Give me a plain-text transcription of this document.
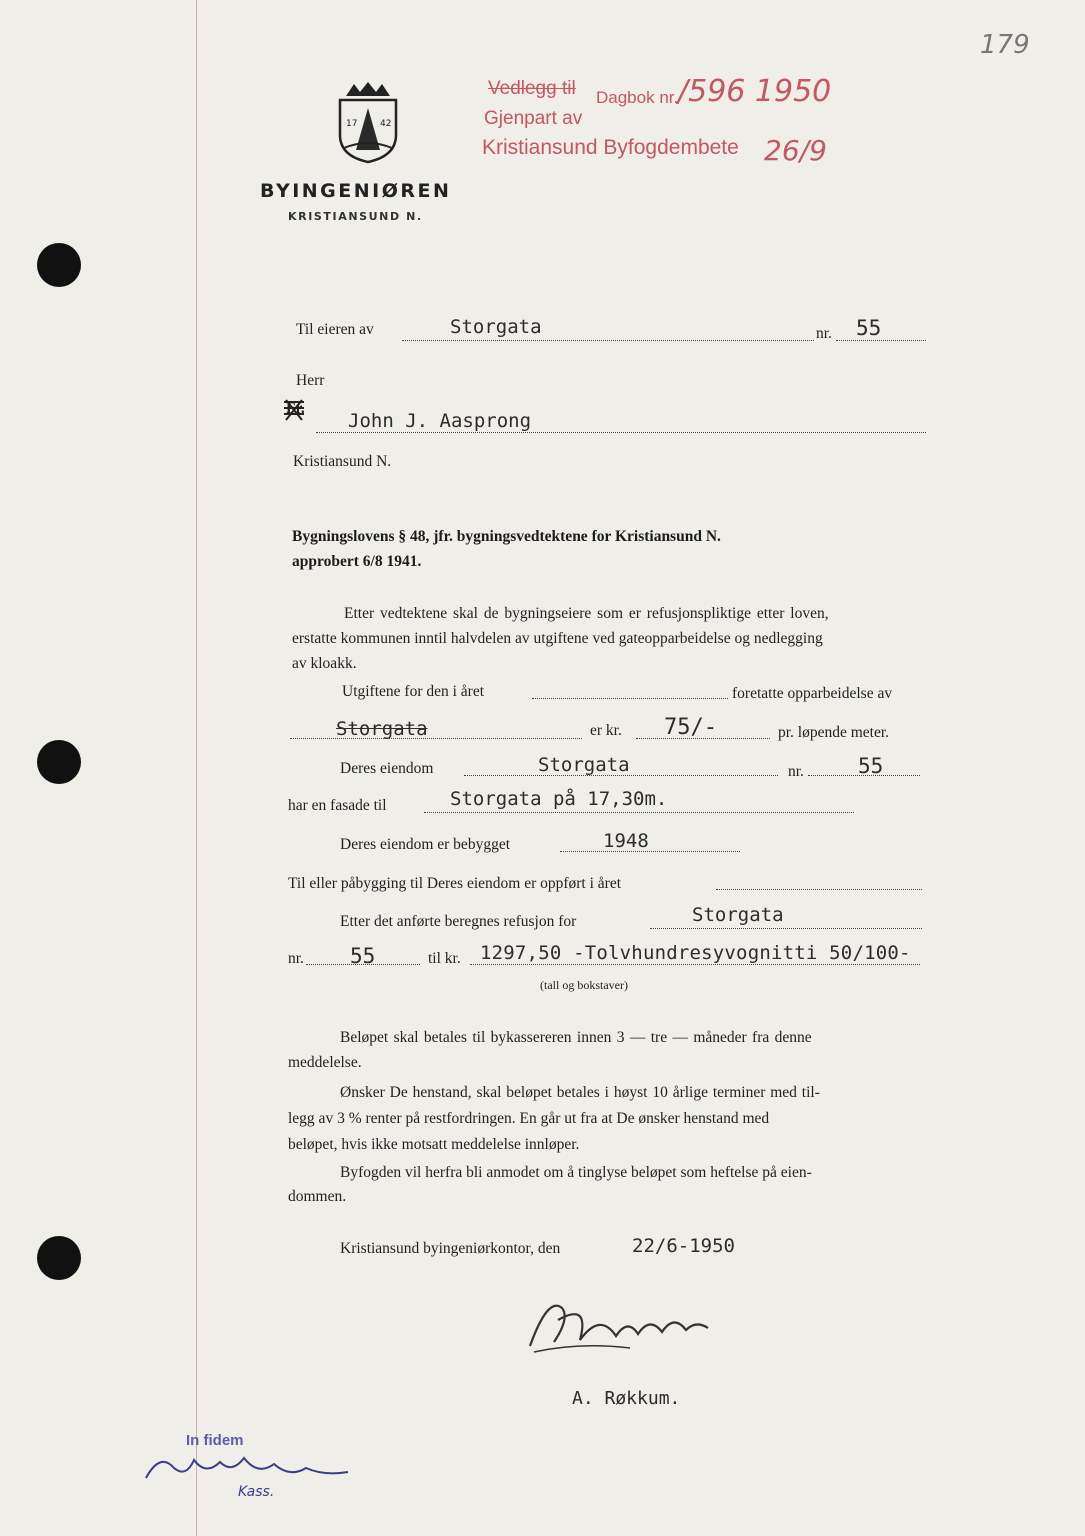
179
17	42
Vedlegg til Dagbok nr. /596 1950
Gjenpart av
Kristiansund Byfogdembete 26/9
BYINGENIØREN
KRISTIANSUND N.
Til eieren av	Storgata	nr. 55
Herr
John J. Aasprong
Kristiansund N.
Bygningslovens § 48, jfr. bygningsvedtektene for Kristiansund N.
approbert 6/8 1941.
Etter vedtektene skal de bygningseiere som er refusjonspliktige etter loven,
erstatte kommunen inntil halvdelen av utgiftene ved gateopparbeidelse og nedlegging
av kloakk.
Utgiftene for den i året	foretatte opparbeidelse av
Storgata	er kr. 75/-	pr. løpende meter.
Deres eiendom	Storgata	nr.	55
har en fasade til	Storgata på 17,30m.
Deres eiendom er bebygget	1948
Til eller påbygging til Deres eiendom er oppført i året
Etter det anførte beregnes refusjon for	Storgata
nr. 55	til kr. 1297,50 -Tolvhundresyvognitti 50/100-
(tall og bokstaver)
Beløpet skal betales til bykassereren innen 3 — tre — måneder fra denne
meddelelse.
Ønsker De henstand, skal beløpet betales i høyst 10 årlige terminer med til-
legg av 3 % renter på restfordringen. En går ut fra at De ønsker henstand med
beløpet, hvis ikke motsatt meddelelse innløper.
Byfogden vil herfra bli anmodet om å tinglyse beløpet som heftelse på eien-
dommen.
Kristiansund byingeniørkontor, den	22/6-1950
A. Røkkum.
In fidem
Kass.
